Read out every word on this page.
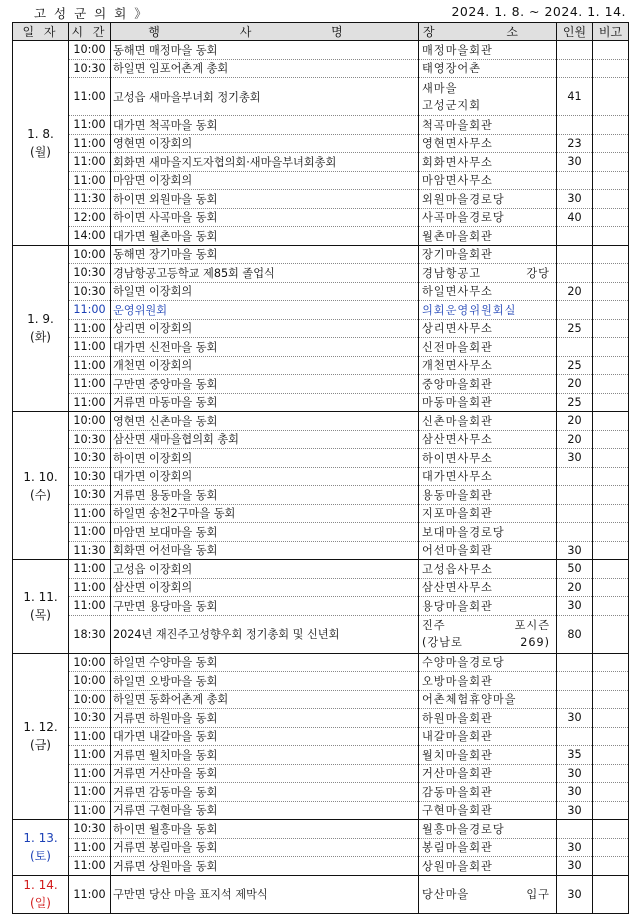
고 성 군 의 회 》	2024. 1. 8. ~ 2024. 1. 14.
일 자	시 간	행 사 명	장 소	인원	비고

1. 8.
(월)	10:00	동해면 매정마을 동회	매정마을회관		
	10:30	하일면 임포어촌계 총회	태영장어촌		
	11:00	고성읍 새마을부녀회 정기총회	새마을
고성군지회	41	
	11:00	대가면 척곡마을 동회	척곡마을회관		
	11:00	영현면 이장회의	영현면사무소	23	
	11:00	회화면 새마을지도자협의회·새마을부녀회총회	회화면사무소	30	
	11:00	마암면 이장회의	마암면사무소		
	11:30	하이면 외원마을 동회	외원마을경로당	30	
	12:00	하이면 사곡마을 동회	사곡마을경로당	40	
	14:00	대가면 월촌마을 동회	월촌마을회관		

1. 9.
(화)	10:00	동해면 장기마을 동회	장기마을회관		
	10:30	경남항공고등학교 제85회 졸업식	경남항공고 강당		
	10:30	하일면 이장회의	하일면사무소	20	
	11:00	운영위원회	의회운영위원회실		
	11:00	상리면 이장회의	상리면사무소	25	
	11:00	대가면 신전마을 동회	신전마을회관		
	11:00	개천면 이장회의	개천면사무소	25	
	11:00	구만면 중앙마을 동회	중앙마을회관	20	
	11:00	거류면 마동마을 동회	마동마을회관	25	

1. 10.
(수)	10:00	영현면 신촌마을 동회	신촌마을회관	20	
	10:30	삼산면 새마을협의회 총회	삼산면사무소	20	
	10:30	하이면 이장회의	하이면사무소	30	
	10:30	대가면 이장회의	대가면사무소		
	10:30	거류면 용동마을 동회	용동마을회관		
	11:00	하일면 송천2구마을 동회	지포마을회관		
	11:00	마암면 보대마을 동회	보대마을경로당		
	11:30	회화면 어선마을 동회	어선마을회관	30	

1. 11.
(목)	11:00	고성읍 이장회의	고성읍사무소	50	
	11:00	삼산면 이장회의	삼산면사무소	20	
	11:00	구만면 용당마을 동회	용당마을회관	30	
	18:30	2024년 재진주고성향우회 정기총회 및 신년회	진주 포시즌
(강남로 269)	80	

1. 12.
(금)	10:00	하일면 수양마을 동회	수양마을경로당		
	10:00	하일면 오방마을 동회	오방마을회관		
	10:00	하일면 동화어촌계 총회	어촌체험휴양마을		
	10:30	거류면 하원마을 동회	하원마을회관	30	
	11:00	대가면 내갈마을 동회	내갈마을회관		
	11:00	거류면 월치마을 동회	월치마을회관	35	
	11:00	거류면 거산마을 동회	거산마을회관	30	
	11:00	거류면 감동마을 동회	감동마을회관	30	
	11:00	거류면 구현마을 동회	구현마을회관	30	

1. 13.
(토)	10:30	하이면 월흥마을 동회	월흥마을경로당		
	11:00	거류면 봉림마을 동회	봉림마을회관	30	
	11:00	거류면 상원마을 동회	상원마을회관	30	

1. 14.
(일)	11:00	구만면 당산 마을 표지석 제막식	당산마을 입구	30	
